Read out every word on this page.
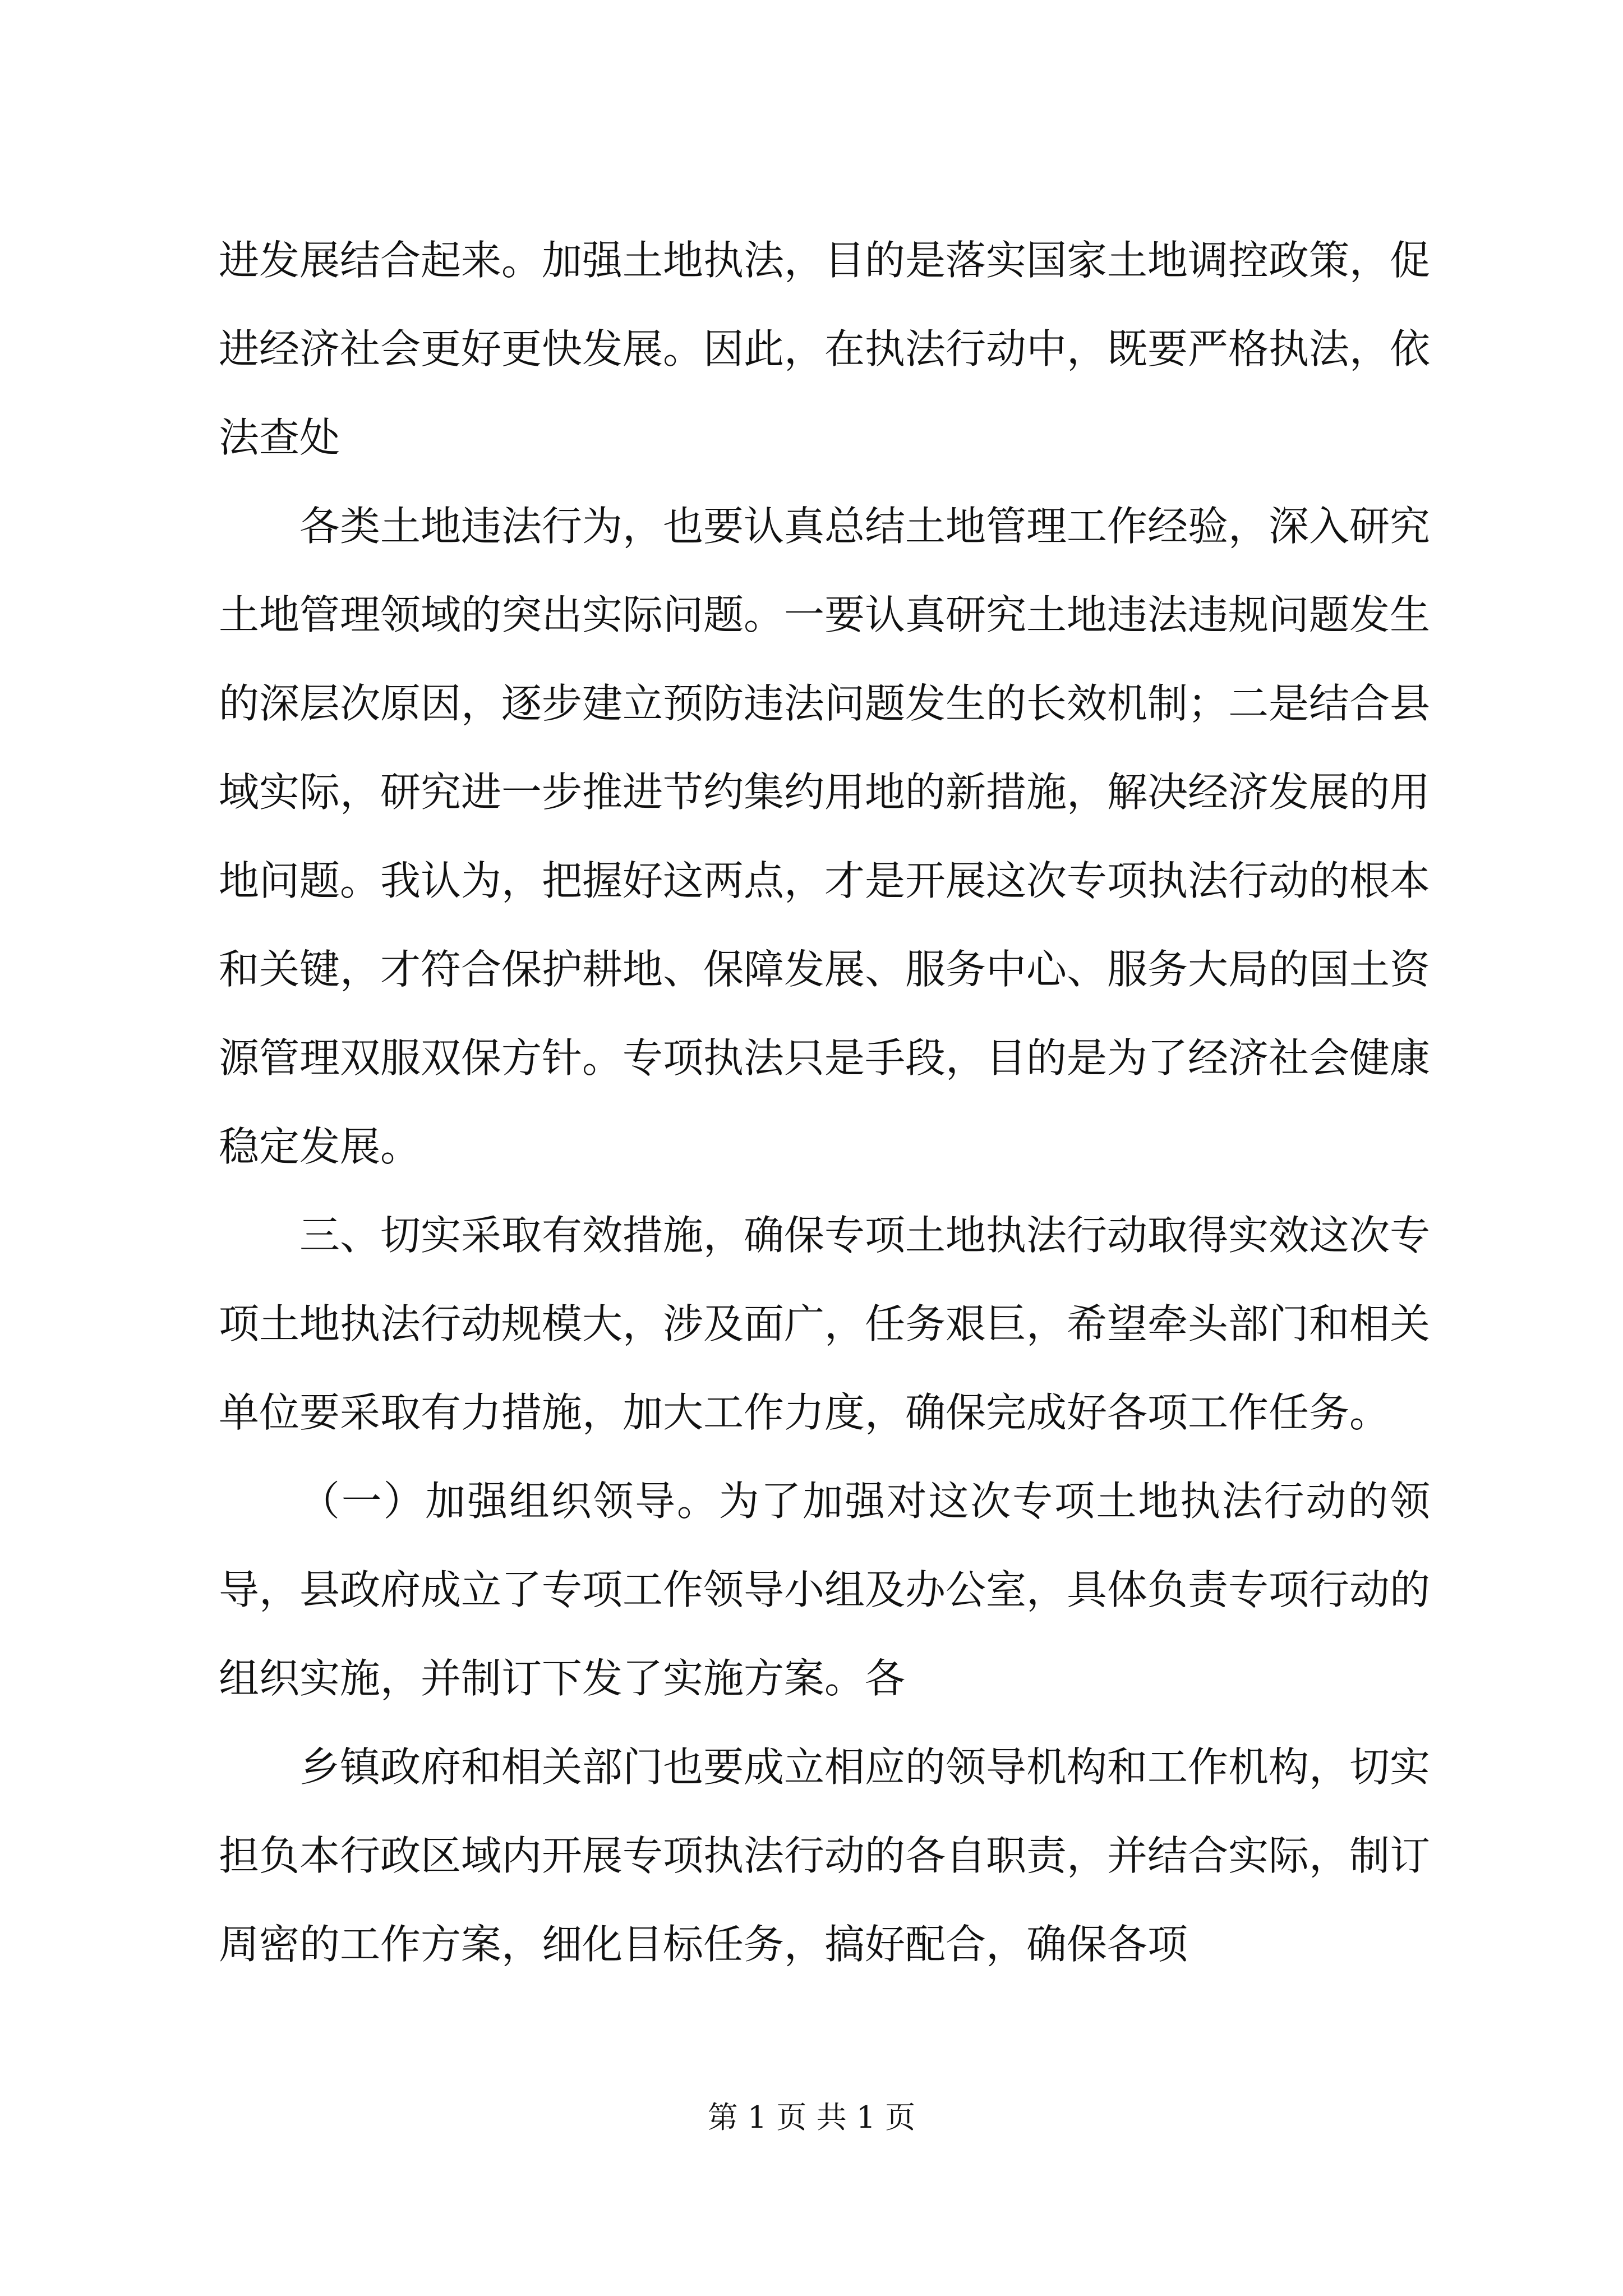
进发展结合起来。加强土地执法，目的是落实国家土地调控政策，促进经济社会更好更快发展。因此，在执法行动中，既要严格执法，依法查处

各类土地违法行为，也要认真总结土地管理工作经验，深入研究土地管理领域的突出实际问题。一要认真研究土地违法违规问题发生的深层次原因，逐步建立预防违法问题发生的长效机制；二是结合县域实际，研究进一步推进节约集约用地的新措施，解决经济发展的用地问题。我认为，把握好这两点，才是开展这次专项执法行动的根本和关键，才符合保护耕地、保障发展、服务中心、服务大局的国土资源管理双服双保方针。专项执法只是手段，目的是为了经济社会健康稳定发展。

三、切实采取有效措施，确保专项土地执法行动取得实效这次专项土地执法行动规模大，涉及面广，任务艰巨，希望牵头部门和相关单位要采取有力措施，加大工作力度，确保完成好各项工作任务。

（一）加强组织领导。为了加强对这次专项土地执法行动的领导，县政府成立了专项工作领导小组及办公室，具体负责专项行动的组织实施，并制订下发了实施方案。各

乡镇政府和相关部门也要成立相应的领导机构和工作机构，切实担负本行政区域内开展专项执法行动的各自职责，并结合实际，制订周密的工作方案，细化目标任务，搞好配合，确保各项

第 1 页 共 1 页
